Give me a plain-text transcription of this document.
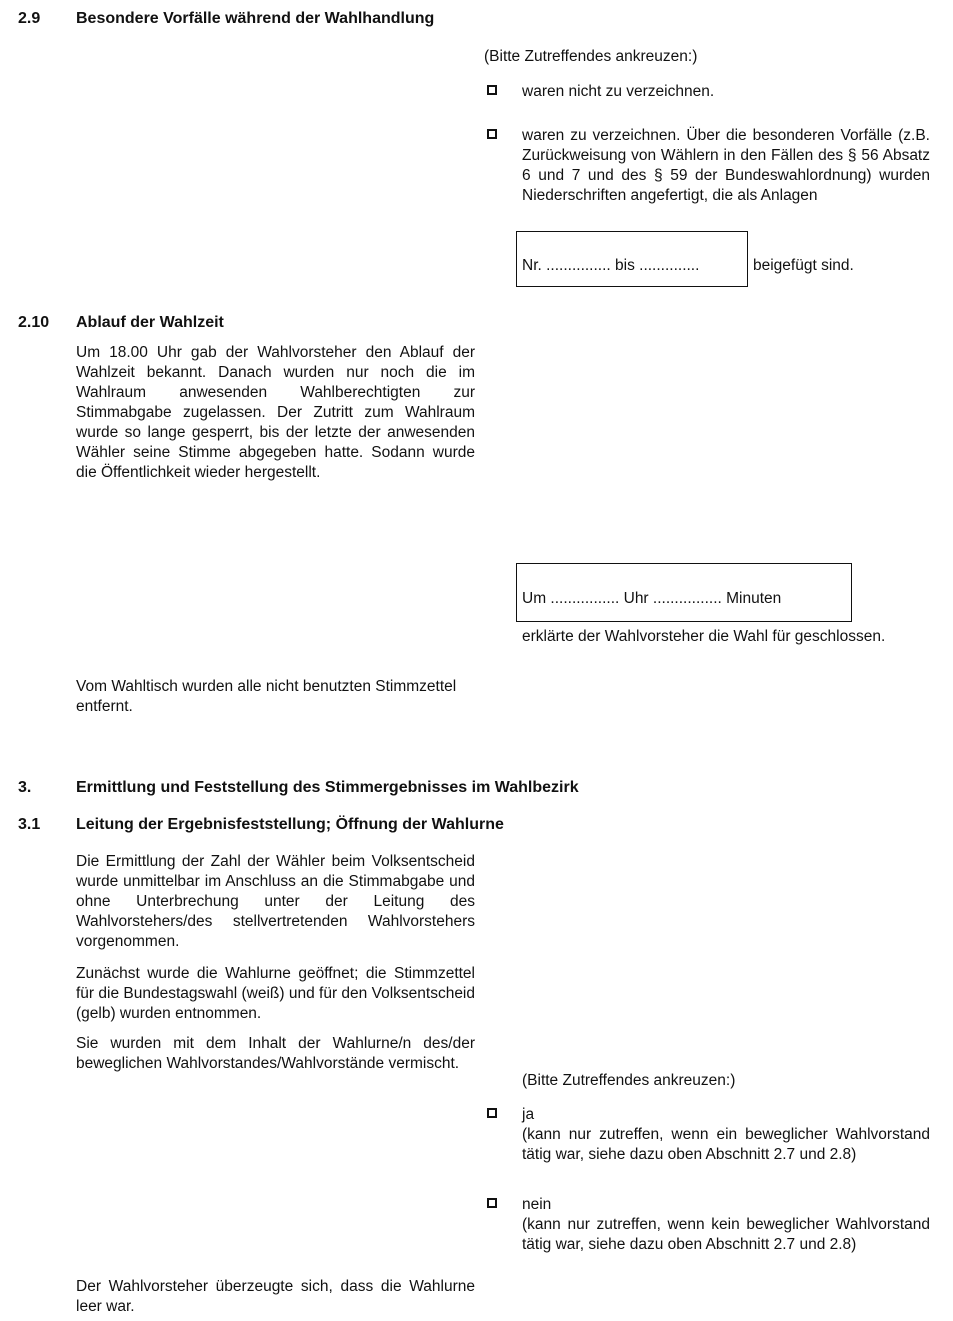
2.9 Besondere Vorfälle während der Wahlhandlung
(Bitte Zutreffendes ankreuzen:)
waren nicht zu verzeichnen.
waren zu verzeichnen. Über die besonderen Vorfälle (z.B. Zurückweisung von Wählern in den Fällen des § 56 Absatz 6 und 7 und des § 59 der Bundeswahlordnung) wurden Niederschriften angefertigt, die als Anlagen
Nr. ............... bis ..............	beigefügt sind.
2.10 Ablauf der Wahlzeit
Um 18.00 Uhr gab der Wahlvorsteher den Ablauf der Wahlzeit bekannt. Danach wurden nur noch die im Wahlraum anwesenden Wahlberechtigten zur Stimmabgabe zugelassen. Der Zutritt zum Wahlraum wurde so lange gesperrt, bis der letzte der anwesenden Wähler seine Stimme abgegeben hatte. Sodann wurde die Öffentlichkeit wieder hergestellt.
Um ................ Uhr ................ Minuten
erklärte der Wahlvorsteher die Wahl für geschlossen.
Vom Wahltisch wurden alle nicht benutzten Stimmzettel entfernt.
3.	Ermittlung und Feststellung des Stimmergebnisses im Wahlbezirk
3.1 Leitung der Ergebnisfeststellung; Öffnung der Wahlurne
Die Ermittlung der Zahl der Wähler beim Volksentscheid wurde unmittelbar im Anschluss an die Stimmabgabe und ohne Unterbrechung unter der Leitung des Wahlvorstehers/des stellvertretenden Wahlvorstehers vorgenommen.
Zunächst wurde die Wahlurne geöffnet; die Stimmzettel für die Bundestagswahl (weiß) und für den Volksentscheid (gelb) wurden entnommen.
Sie wurden mit dem Inhalt der Wahlurne/n des/der beweglichen Wahlvorstandes/Wahlvorstände vermischt.
(Bitte Zutreffendes ankreuzen:)
ja
(kann nur zutreffen, wenn ein beweglicher Wahlvorstand tätig war, siehe dazu oben Abschnitt 2.7 und 2.8)
nein
(kann nur zutreffen, wenn kein beweglicher Wahlvorstand tätig war, siehe dazu oben Abschnitt 2.7 und 2.8)
Der Wahlvorsteher überzeugte sich, dass die Wahlurne leer war.
